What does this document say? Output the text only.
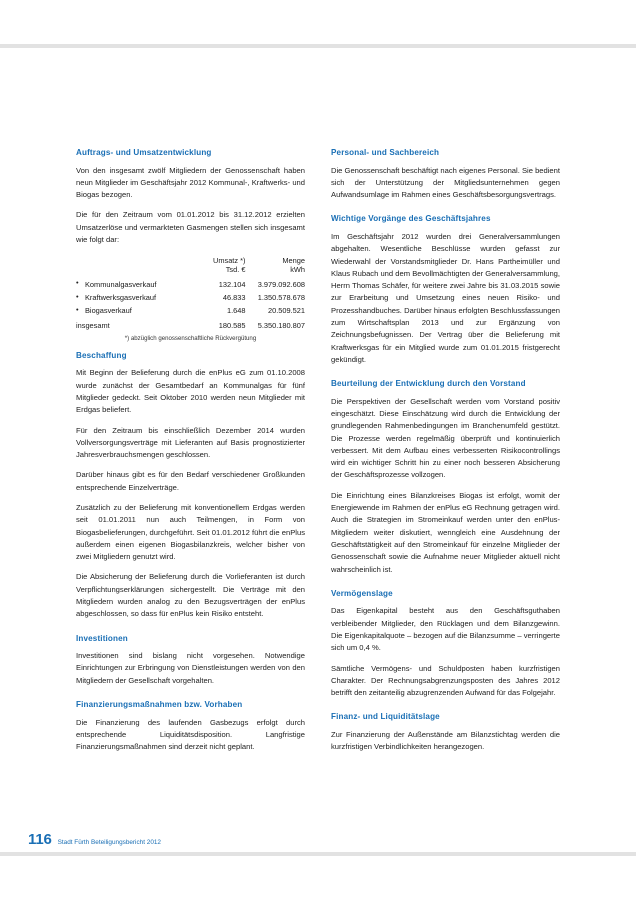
Auftrags- und Umsatzentwicklung

Von den insgesamt zwölf Mitgliedern der Genossenschaft haben neun Mitglieder im Geschäftsjahr 2012 Kommunal-, Kraftwerks- und Biogas bezogen.

Die für den Zeitraum vom 01.01.2012 bis 31.12.2012 erzielten Umsatzerlöse und vermarkteten Gasmengen stellen sich insgesamt wie folgt dar:

	Umsatz *)	Menge
	Tsd. €	kWh
• Kommunalgasverkauf	132.104	3.979.092.608
• Kraftwerksgasverkauf	46.833	1.350.578.678
• Biogasverkauf	1.648	20.509.521
insgesamt	180.585	5.350.180.807
*) abzüglich genossenschaftliche Rückvergütung
Beschaffung

Mit Beginn der Belieferung durch die enPlus eG zum 01.10.2008 wurde zunächst der Gesamtbedarf an Kommunalgas für fünf Mitglieder gedeckt. Seit Oktober 2010 werden neun Mitglieder mit Erdgas beliefert.

Für den Zeitraum bis einschließlich Dezember 2014 wurden Vollversorgungsverträge mit Lieferanten auf Basis prognostizierter Jahresverbrauchsmengen geschlossen.

Darüber hinaus gibt es für den Bedarf verschiedener Großkunden entsprechende Einzelverträge.

Zusätzlich zu der Belieferung mit konventionellem Erdgas werden seit 01.01.2011 nun auch Teilmengen, in Form von Biogasbelieferungen, durchgeführt. Seit 01.01.2012 führt die enPlus außerdem einen eigenen Biogasbilanzkreis, welcher bisher von zwei Mitgliedern genutzt wird.

Die Absicherung der Belieferung durch die Vorlieferanten ist durch Verpflichtungserklärungen sichergestellt. Die Verträge mit den Mitgliedern wurden analog zu den Bezugsverträgen der enPlus abgeschlossen, so dass für enPlus kein Risiko entsteht.

Investitionen

Investitionen sind bislang nicht vorgesehen. Notwendige Einrichtungen zur Erbringung von Dienstleistungen werden von den Mitgliedern der Gesellschaft vorgehalten.

Finanzierungsmaßnahmen bzw. Vorhaben

Die Finanzierung des laufenden Gasbezugs erfolgt durch entsprechende Liquiditätsdisposition. Langfristige Finanzierungsmaßnahmen sind derzeit nicht geplant.

Personal- und Sachbereich

Die Genossenschaft beschäftigt nach eigenes Personal. Sie bedient sich der Unterstützung der Mitgliedsunternehmen gegen Aufwandsumlage im Rahmen eines Geschäftsbesorgungsvertrags.

Wichtige Vorgänge des Geschäftsjahres

Im Geschäftsjahr 2012 wurden drei Generalversammlungen abgehalten. Wesentliche Beschlüsse wurden gefasst zur Wiederwahl der Vorstandsmitglieder Dr. Hans Partheimüller und Klaus Rubach und dem Bevollmächtigten der Generalversammlung, Herrn Thomas Schäfer, für weitere zwei Jahre bis 31.03.2015 sowie zur Erarbeitung und Umsetzung eines neuen Risiko- und Prozesshandbuches. Darüber hinaus erfolgten Beschlussfassungen zum Wirtschaftsplan 2013 und zur Ergänzung von Zeichnungsbefugnissen. Der Vertrag über die Belieferung mit Kraftwerksgas für ein Mitglied wurde zum 01.01.2015 fristgerecht gekündigt.

Beurteilung der Entwicklung durch den Vorstand

Die Perspektiven der Gesellschaft werden vom Vorstand positiv eingeschätzt. Diese Einschätzung wird durch die Entwicklung der grundlegenden Rahmenbedingungen im Branchenumfeld gestützt. Die Prozesse werden regelmäßig überprüft und kontinuierlich verbessert. Mit dem Aufbau eines verbesserten Risikocontrollings wird ein wichtiger Schritt hin zu einer noch besseren Absicherung der Geschäftsprozesse vollzogen.

Die Einrichtung eines Bilanzkreises Biogas ist erfolgt, womit der Energiewende im Rahmen der enPlus eG Rechnung getragen wird. Auch die Strategien im Stromeinkauf werden unter den enPlus-Mitgliedern weiter diskutiert, wenngleich eine Ausdehnung der Geschäftstätigkeit auf den Stromeinkauf für einzelne Mitglieder der Genossenschaft sowie die Aufnahme neuer Mitglieder aktuell nicht wahrscheinlich ist.

Vermögenslage

Das Eigenkapital besteht aus den Geschäftsguthaben verbleibender Mitglieder, den Rücklagen und dem Bilanzgewinn. Die Eigenkapitalquote – bezogen auf die Bilanzsumme – verringerte sich um 0,4 %.

Sämtliche Vermögens- und Schuldposten haben kurzfristigen Charakter. Der Rechnungsabgrenzungsposten des Jahres 2012 betrifft den zeitanteilig abzugrenzenden Aufwand für das Folgejahr.

Finanz- und Liquiditätslage

Zur Finanzierung der Außenstände am Bilanzstichtag werden die kurzfristigen Verbindlichkeiten herangezogen.

116 Stadt Fürth Beteiligungsbericht 2012
